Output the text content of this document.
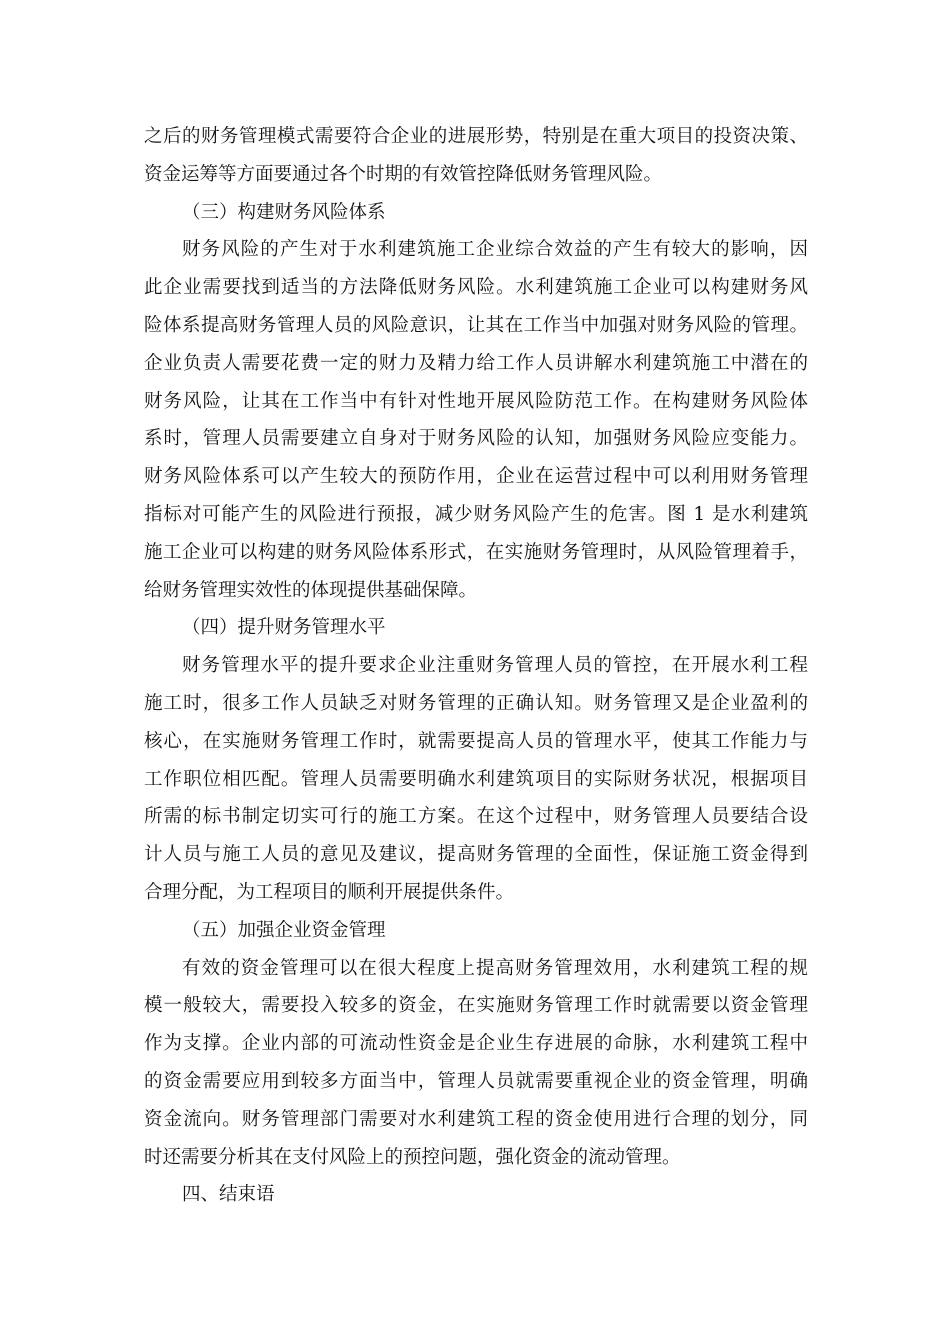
之后的财务管理模式需要符合企业的进展形势，特别是在重大项目的投资决策、
资金运筹等方面要通过各个时期的有效管控降低财务管理风险。
（三）构建财务风险体系
财务风险的产生对于水利建筑施工企业综合效益的产生有较大的影响，因
此企业需要找到适当的方法降低财务风险。水利建筑施工企业可以构建财务风
险体系提高财务管理人员的风险意识，让其在工作当中加强对财务风险的管理。
企业负责人需要花费一定的财力及精力给工作人员讲解水利建筑施工中潜在的
财务风险，让其在工作当中有针对性地开展风险防范工作。在构建财务风险体
系时，管理人员需要建立自身对于财务风险的认知，加强财务风险应变能力。
财务风险体系可以产生较大的预防作用，企业在运营过程中可以利用财务管理
指标对可能产生的风险进行预报，减少财务风险产生的危害。图 1 是水利建筑
施工企业可以构建的财务风险体系形式，在实施财务管理时，从风险管理着手，
给财务管理实效性的体现提供基础保障。
（四）提升财务管理水平
财务管理水平的提升要求企业注重财务管理人员的管控，在开展水利工程
施工时，很多工作人员缺乏对财务管理的正确认知。财务管理又是企业盈利的
核心，在实施财务管理工作时，就需要提高人员的管理水平，使其工作能力与
工作职位相匹配。管理人员需要明确水利建筑项目的实际财务状况，根据项目
所需的标书制定切实可行的施工方案。在这个过程中，财务管理人员要结合设
计人员与施工人员的意见及建议，提高财务管理的全面性，保证施工资金得到
合理分配，为工程项目的顺利开展提供条件。
（五）加强企业资金管理
有效的资金管理可以在很大程度上提高财务管理效用，水利建筑工程的规
模一般较大，需要投入较多的资金，在实施财务管理工作时就需要以资金管理
作为支撑。企业内部的可流动性资金是企业生存进展的命脉，水利建筑工程中
的资金需要应用到较多方面当中，管理人员就需要重视企业的资金管理，明确
资金流向。财务管理部门需要对水利建筑工程的资金使用进行合理的划分，同
时还需要分析其在支付风险上的预控问题，强化资金的流动管理。
四、结束语
